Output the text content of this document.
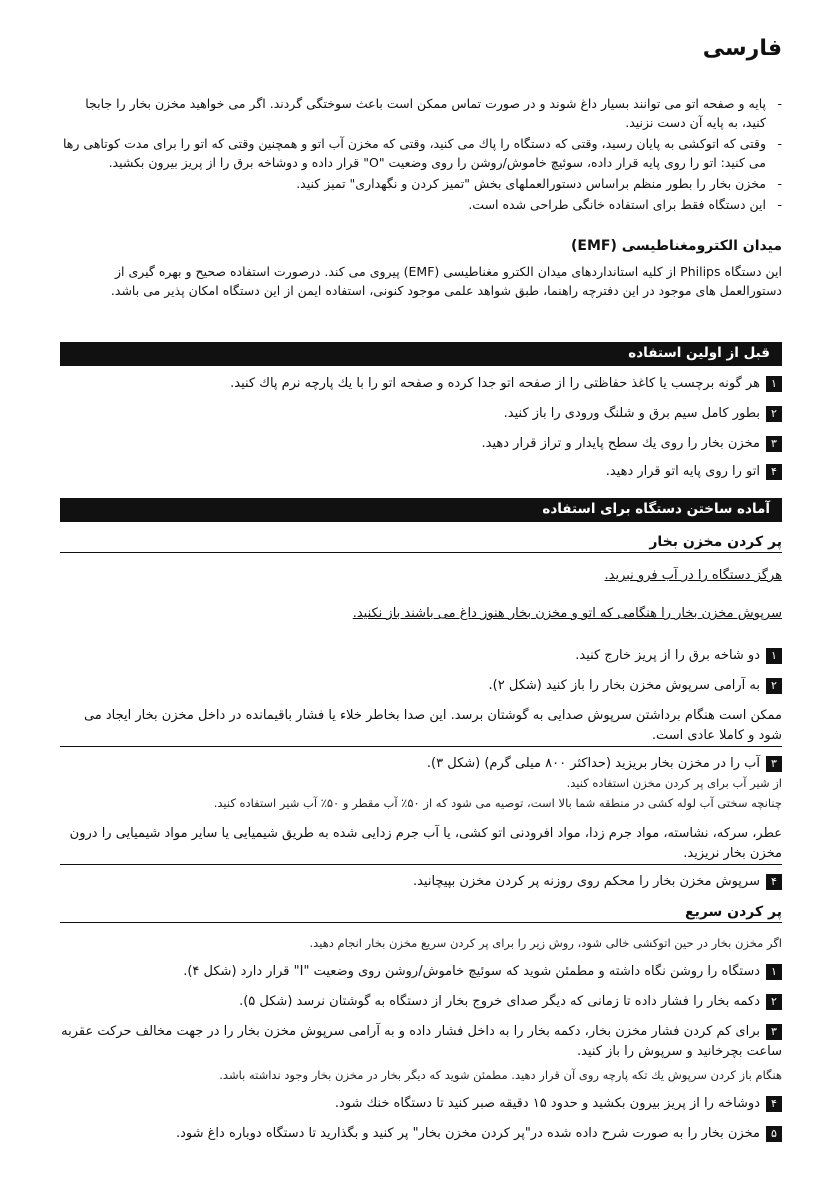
فارسی
-
پایه و صفحه اتو می توانند بسیار داغ شوند و در صورت تماس ممکن است باعث سوختگی گردند. اگر می خواهید مخزن بخار را جابجا کنید، به پایه آن دست نزنید.
-
وقتی که اتوکشی به پایان رسید، وقتی که دستگاه را پاك می کنید، وقتی که مخزن آب اتو و همچنین وقتی که اتو را برای مدت کوتاهی رها می کنید: اتو را روی پایه قرار داده، سوئیچ خاموش/روشن را روی وضعیت "O" قرار داده و دوشاخه برق را از پریز بیرون بکشید.
-
مخزن بخار را بطور منظم براساس دستورالعملهای بخش "تمیز کردن و نگهداری" تمیز کنید.
-
این دستگاه فقط برای استفاده خانگی طراحی شده است.
میدان الکترومغناطیسی (EMF)
این دستگاه Philips از کلیه استانداردهای میدان الکترو مغناطیسی (EMF) پیروی می کند. درصورت استفاده صحیح و بهره گیری از دستورالعمل های موجود در این دفترچه راهنما، طبق شواهد علمی موجود کنونی، استفاده ایمن از این دستگاه امکان پذیر می باشد.
قبل از اولین استفاده
۱هر گونه برچسب یا کاغذ حفاظتی را از صفحه اتو جدا کرده و صفحه اتو را با یك پارچه نرم پاك کنید.
۲بطور کامل سیم برق و شلنگ ورودی را باز کنید.
۳مخزن بخار را روی یك سطح پایدار و تراز قرار دهید.
۴اتو را روی پایه اتو قرار دهید.
آماده ساختن دستگاه برای استفاده
پر کردن مخزن بخار
هرگز دستگاه را در آب فرو نبرید.
سرپوش مخزن بخار را هنگامی که اتو و مخزن بخار هنوز داغ می باشند باز نکنید.
۱دو شاخه برق را از پریز خارج کنید.
۲به آرامی سرپوش مخزن بخار را باز کنید (شکل ۲).
ممکن است هنگام برداشتن سرپوش صدایی به گوشتان برسد. این صدا بخاطر خلاء یا فشار باقیمانده در داخل مخزن بخار ایجاد می شود و کاملا عادی است.
۳آب را در مخزن بخار بریزید (حداکثر ۸۰۰ میلی گرم) (شکل ۳).
از شیر آب برای پر کردن مخزن استفاده کنید.
چنانچه سختی آب لوله کشی در منطقه شما بالا است، توصیه می شود که از ۵۰٪ آب مقطر و ۵۰٪ آب شیر استفاده کنید.
عطر، سرکه، نشاسته، مواد جرم زدا، مواد افرودنی اتو کشی، یا آب جرم زدایی شده به طریق شیمیایی یا سایر مواد شیمیایی را درون مخزن بخار نریزید.
۴سرپوش مخزن بخار را محکم روی روزنه پر کردن مخزن بپیچانید.
پر کردن سریع
اگر مخزن بخار در حین اتوکشی خالی شود، روش زیر را برای پر کردن سریع مخزن بخار انجام دهید.
۱دستگاه را روشن نگاه داشته و مطمئن شوید که سوئیچ خاموش/روشن روی وضعیت "I" قرار دارد (شکل ۴).
۲دکمه بخار را فشار داده تا زمانی که دیگر صدای خروج بخار از دستگاه به گوشتان نرسد (شکل ۵).
۳برای کم کردن فشار مخزن بخار، دکمه بخار را به داخل فشار داده و به آرامی سرپوش مخزن بخار را در جهت مخالف حرکت عقربه ساعت بچرخانید و سرپوش را باز کنید.
هنگام باز کردن سرپوش یك تکه پارچه روی آن قرار دهید. مطمئن شوید که دیگر بخار در مخزن بخار وجود نداشته باشد.
۴دوشاخه را از پریز بیرون بکشید و حدود ۱۵ دقیقه صبر کنید تا دستگاه خنك شود.
۵مخزن بخار را به صورت شرح داده شده در"پر کردن مخزن بخار" پر کنید و بگذارید تا دستگاه دوباره داغ شود.
